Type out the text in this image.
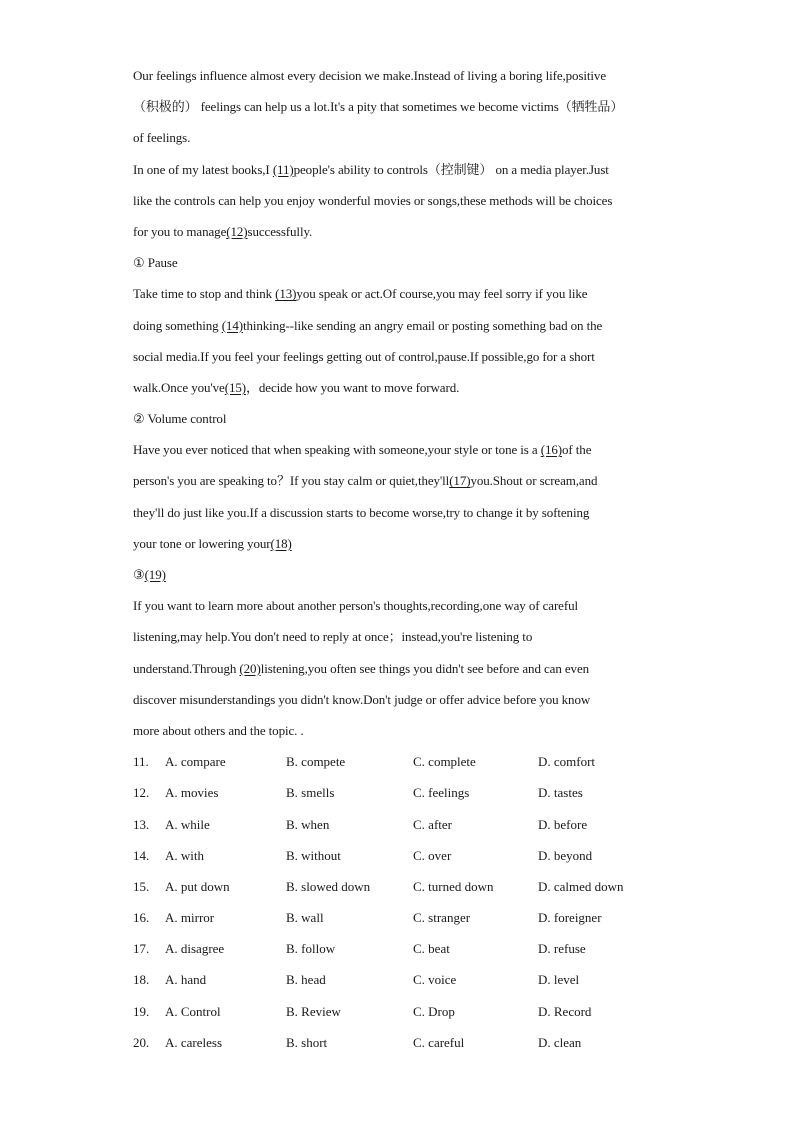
Our feelings influence almost every decision we make.Instead of living a boring life,positive
（积极的） feelings can help us a lot.It's a pity that sometimes we become victims（牺牲品）
of feelings.
In one of my latest books,I (11)people's ability to controls（控制键） on a media player.Just
like the controls can help you enjoy wonderful movies or songs,these methods will be choices
for you to manage(12)successfully.
① Pause
Take time to stop and think (13)you speak or act.Of course,you may feel sorry if you like
doing something (14)thinking--like sending an angry email or posting something bad on the
social media.If you feel your feelings getting out of control,pause.If possible,go for a short
walk.Once you've(15)，decide how you want to move forward.
② Volume control
Have you ever noticed that when speaking with someone,your style or tone is a (16)of the
person's you are speaking to？If you stay calm or quiet,they'll(17)you.Shout or scream,and
they'll do just like you.If a discussion starts to become worse,try to change it by softening
your tone or lowering your(18)
③(19)
If you want to learn more about another person's thoughts,recording,one way of careful
listening,may help.You don't need to reply at once；instead,you're listening to
understand.Through (20)listening,you often see things you didn't see before and can even
discover misunderstandings you didn't know.Don't judge or offer advice before you know
more about others and the topic. .
11. A. compare	B. compete	C. complete	D. comfort
12. A. movies	B. smells	C. feelings	D. tastes
13. A. while	B. when	C. after	D. before
14. A. with	B. without	C. over	D. beyond
15. A. put down	B. slowed down	C. turned down	D. calmed down
16. A. mirror	B. wall	C. stranger	D. foreigner
17. A. disagree	B. follow	C. beat	D. refuse
18. A. hand	B. head	C. voice	D. level
19. A. Control	B. Review	C. Drop	D. Record
20. A. careless	B. short	C. careful	D. clean
